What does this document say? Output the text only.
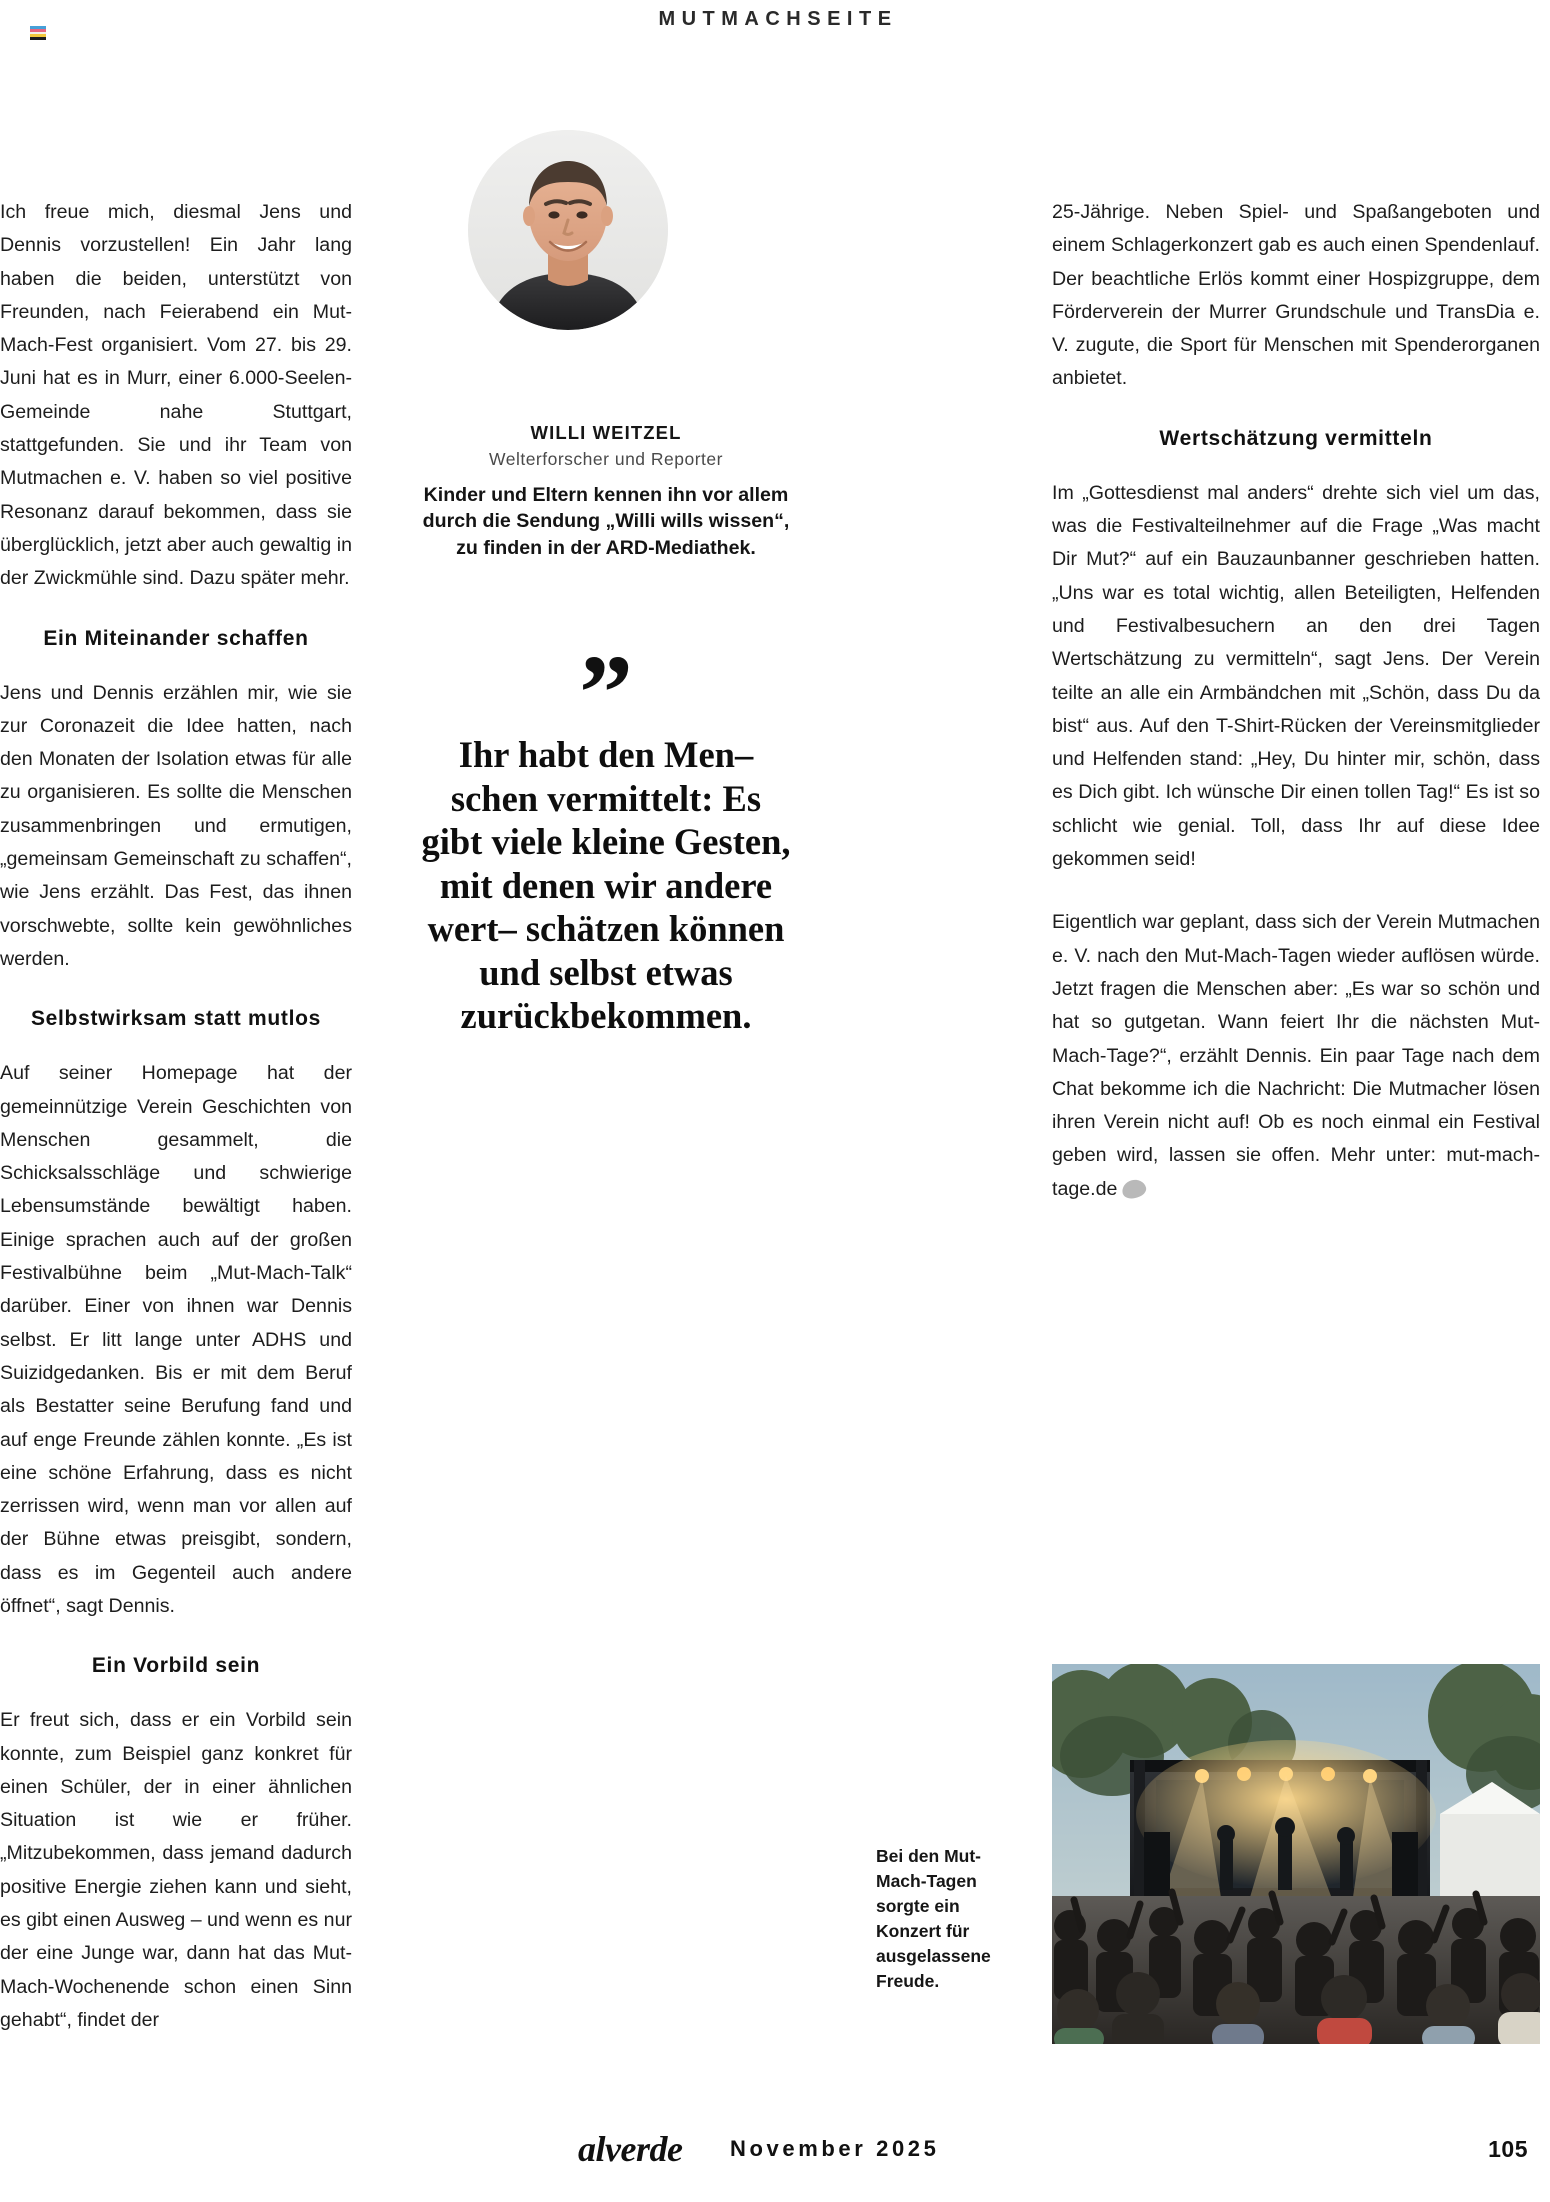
MUTMACHSEITE

Ich freue mich, diesmal Jens und Dennis vorzustellen! Ein Jahr lang haben die beiden, unterstützt von Freunden, nach Feierabend ein Mut-Mach-Fest organisiert. Vom 27. bis 29. Juni hat es in Murr, einer 6.000-Seelen-Gemeinde nahe Stuttgart, stattgefunden. Sie und ihr Team von Mutmachen e. V. haben so viel positive Resonanz darauf bekommen, dass sie überglücklich, jetzt aber auch gewaltig in der Zwickmühle sind. Dazu später mehr.

Ein Miteinander schaffen

Jens und Dennis erzählen mir, wie sie zur Coronazeit die Idee hatten, nach den Monaten der Isolation etwas für alle zu organisieren. Es sollte die Menschen zusammenbringen und ermutigen, „gemeinsam Gemeinschaft zu schaffen“, wie Jens erzählt. Das Fest, das ihnen vorschwebte, sollte kein gewöhnliches werden.

Selbstwirksam statt mutlos

Auf seiner Homepage hat der gemeinnützige Verein Geschichten von Menschen gesammelt, die Schicksalsschläge und schwierige Lebensumstände bewältigt haben. Einige sprachen auch auf der großen Festivalbühne beim „Mut-Mach-Talk“ darüber. Einer von ihnen war Dennis selbst. Er litt lange unter ADHS und Suizidgedanken. Bis er mit dem Beruf als Bestatter seine Berufung fand und auf enge Freunde zählen konnte. „Es ist eine schöne Erfahrung, dass es nicht zerrissen wird, wenn man vor allen auf der Bühne etwas preisgibt, sondern, dass es im Gegenteil auch andere öffnet“, sagt Dennis.

Ein Vorbild sein

Er freut sich, dass er ein Vorbild sein konnte, zum Beispiel ganz konkret für einen Schüler, der in einer ähnlichen Situation ist wie er früher. „Mitzubekommen, dass jemand dadurch positive Energie ziehen kann und sieht, es gibt einen Ausweg – und wenn es nur der eine Junge war, dann hat das Mut-Mach-Wochenende schon einen Sinn gehabt“, findet der

WILLI WEITZEL
Welterforscher und Reporter
Kinder und Eltern kennen ihn vor allem durch die Sendung „Willi wills wissen“, zu finden in der ARD-Mediathek.
”
Ihr habt den Men– schen vermittelt: Es gibt viele kleine Gesten, mit denen wir andere wert– schätzen können und selbst etwas zurückbekommen.

25-Jährige. Neben Spiel- und Spaßangeboten und einem Schlagerkonzert gab es auch einen Spendenlauf. Der beachtliche Erlös kommt einer Hospizgruppe, dem Förderverein der Murrer Grundschule und TransDia e. V. zugute, die Sport für Menschen mit Spenderorganen anbietet.

Wertschätzung vermitteln

Im „Gottesdienst mal anders“ drehte sich viel um das, was die Festivalteilnehmer auf die Frage „Was macht Dir Mut?“ auf ein Bauzaunbanner geschrieben hatten. „Uns war es total wichtig, allen Beteiligten, Helfenden und Festivalbesuchern an den drei Tagen Wertschätzung zu vermitteln“, sagt Jens. Der Verein teilte an alle ein Armbändchen mit „Schön, dass Du da bist“ aus. Auf den T-Shirt-Rücken der Vereinsmitglieder und Helfenden stand: „Hey, Du hinter mir, schön, dass es Dich gibt. Ich wünsche Dir einen tollen Tag!“ Es ist so schlicht wie genial. Toll, dass Ihr auf diese Idee gekommen seid!

Eigentlich war geplant, dass sich der Verein Mutmachen e. V. nach den Mut-Mach-Tagen wieder auflösen würde. Jetzt fragen die Menschen aber: „Es war so schön und hat so gutgetan. Wann feiert Ihr die nächsten Mut-Mach-Tage?“, erzählt Dennis. Ein paar Tage nach dem Chat bekomme ich die Nachricht: Die Mutmacher lösen ihren Verein nicht auf! Ob es noch einmal ein Festival geben wird, lassen sie offen. Mehr unter: mut-mach-tage.de

Bei den Mut-Mach-Tagen sorgte ein Konzert für ausgelassene Freude.
alverde November 2025	105
